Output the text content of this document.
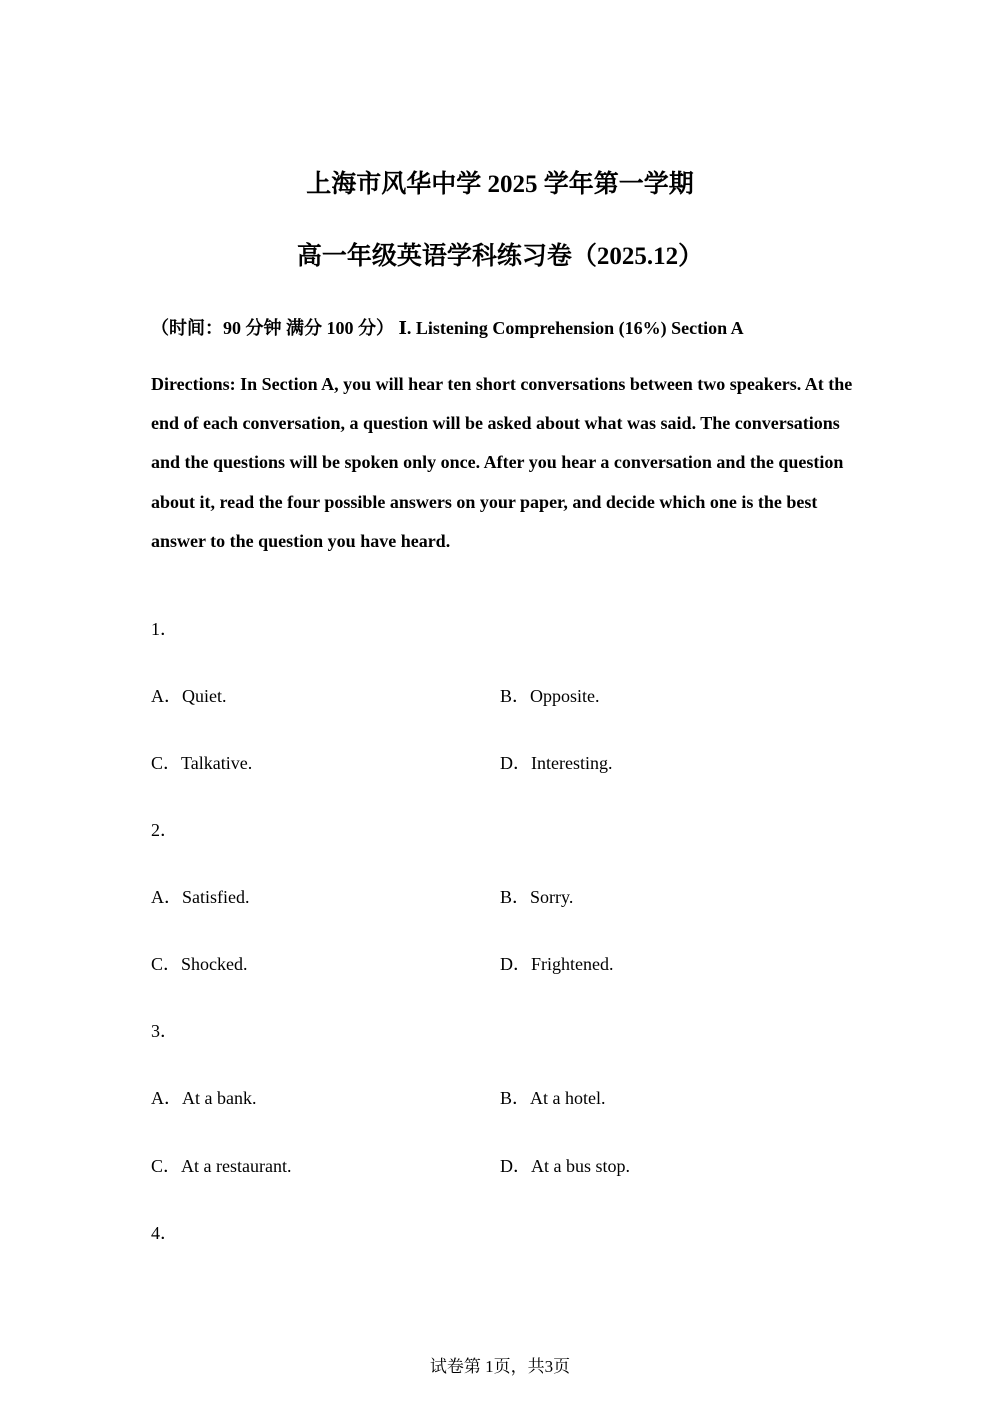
上海市风华中学 2025 学年第一学期
高一年级英语学科练习卷（2025.12）
（时间：90 分钟 满分 100 分） Ⅰ. Listening Comprehension (16%) Section A
Directions: In Section A, you will hear ten short conversations between two speakers. At the end of each conversation, a question will be asked about what was said. The conversations and the questions will be spoken only once. After you hear a conversation and the question about it, read the four possible answers on your paper, and decide which one is the best answer to the question you have heard.
1．
A．Quiet.	B．Opposite.
C．Talkative.	D．Interesting.
2．
A．Satisfied.	B．Sorry.
C．Shocked.	D．Frightened.
3．
A．At a bank.	B．At a hotel.
C．At a restaurant.	D．At a bus stop.
4．
试卷第 1页，共3页
